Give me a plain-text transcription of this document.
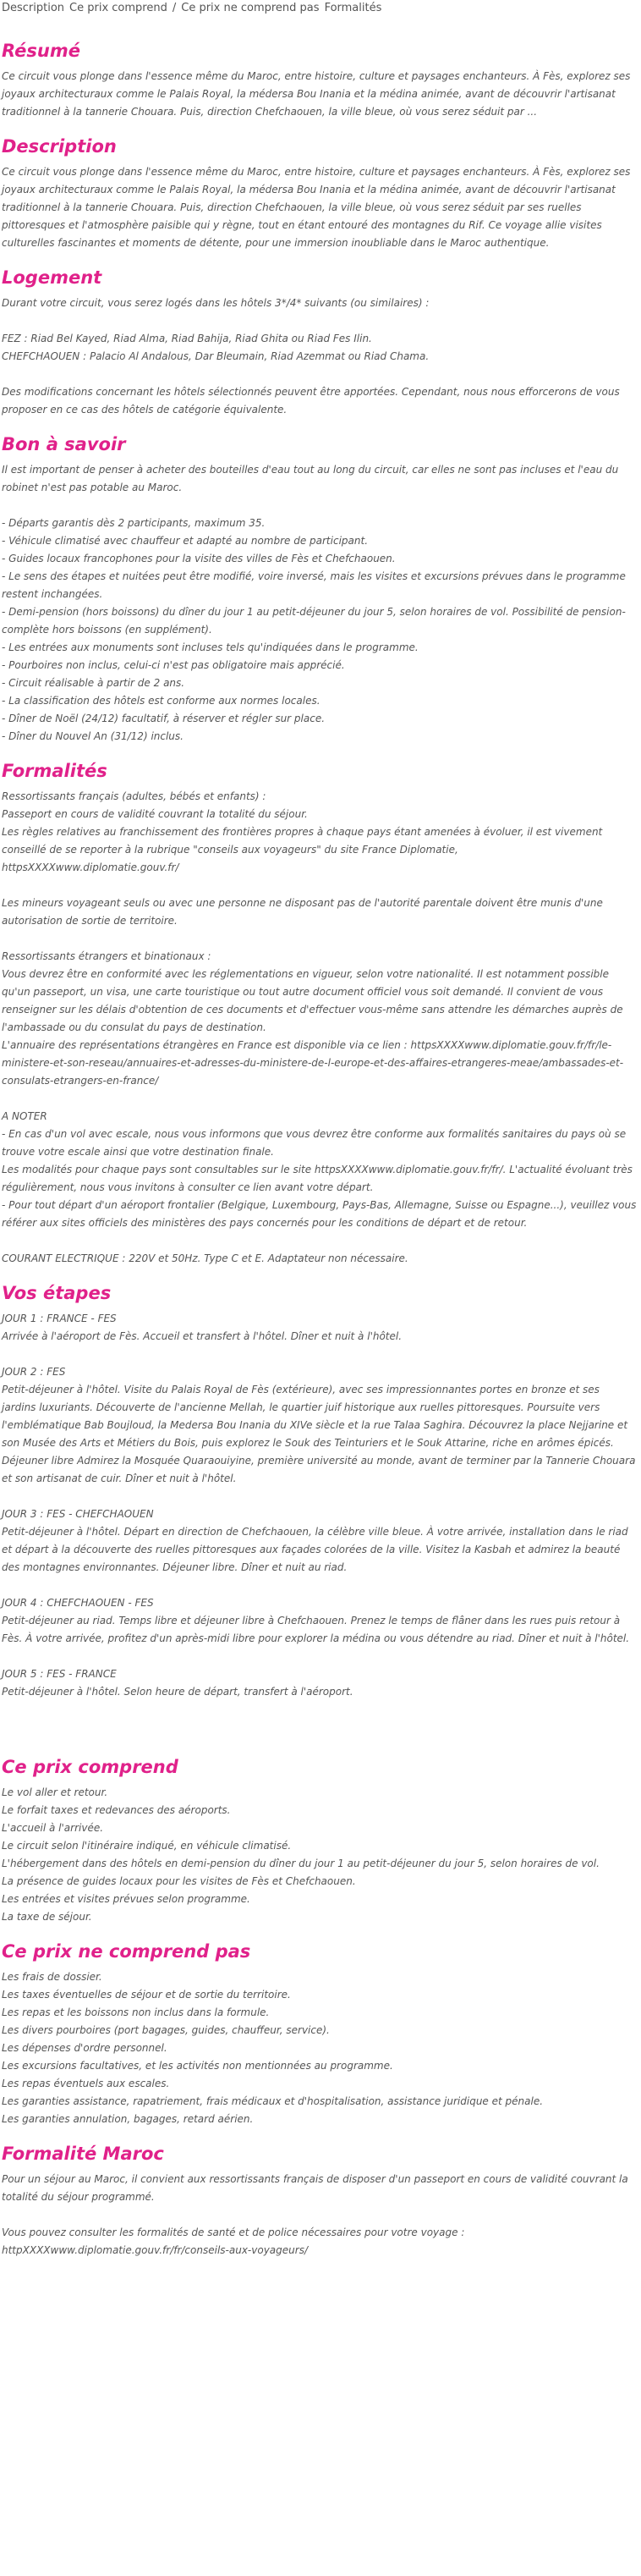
Description Ce prix comprend / Ce prix ne comprend pas Formalités
Résumé

Ce circuit vous plonge dans l'essence même du Maroc, entre histoire, culture et paysages enchanteurs. À Fès, explorez ses joyaux architecturaux comme le Palais Royal, la médersa Bou Inania et la médina animée, avant de découvrir l'artisanat traditionnel à la tannerie Chouara. Puis, direction Chefchaouen, la ville bleue, où vous serez séduit par ...

Description

Ce circuit vous plonge dans l'essence même du Maroc, entre histoire, culture et paysages enchanteurs. À Fès, explorez ses joyaux architecturaux comme le Palais Royal, la médersa Bou Inania et la médina animée, avant de découvrir l'artisanat traditionnel à la tannerie Chouara. Puis, direction Chefchaouen, la ville bleue, où vous serez séduit par ses ruelles pittoresques et l'atmosphère paisible qui y règne, tout en étant entouré des montagnes du Rif. Ce voyage allie visites culturelles fascinantes et moments de détente, pour une immersion inoubliable dans le Maroc authentique.

Logement

Durant votre circuit, vous serez logés dans les hôtels 3*/4* suivants (ou similaires) :

FEZ : Riad Bel Kayed, Riad Alma, Riad Bahija, Riad Ghita ou Riad Fes Ilin.

CHEFCHAOUEN : Palacio Al Andalous, Dar Bleumain, Riad Azemmat ou Riad Chama.

Des modifications concernant les hôtels sélectionnés peuvent être apportées. Cependant, nous nous efforcerons de vous proposer en ce cas des hôtels de catégorie équivalente.

Bon à savoir

Il est important de penser à acheter des bouteilles d'eau tout au long du circuit, car elles ne sont pas incluses et l'eau du robinet n'est pas potable au Maroc.

- Départs garantis dès 2 participants, maximum 35.

- Véhicule climatisé avec chauffeur et adapté au nombre de participant.

- Guides locaux francophones pour la visite des villes de Fès et Chefchaouen.

- Le sens des étapes et nuitées peut être modifié, voire inversé, mais les visites et excursions prévues dans le programme restent inchangées.

- Demi-pension (hors boissons) du dîner du jour 1 au petit-déjeuner du jour 5, selon horaires de vol. Possibilité de pension-complète hors boissons (en supplément).

- Les entrées aux monuments sont incluses tels qu'indiquées dans le programme.

- Pourboires non inclus, celui-ci n'est pas obligatoire mais apprécié.

- Circuit réalisable à partir de 2 ans.

- La classification des hôtels est conforme aux normes locales.

- Dîner de Noël (24/12) facultatif, à réserver et régler sur place.

- Dîner du Nouvel An (31/12) inclus.

Formalités

Ressortissants français (adultes, bébés et enfants) :

Passeport en cours de validité couvrant la totalité du séjour.

Les règles relatives au franchissement des frontières propres à chaque pays étant amenées à évoluer, il est vivement conseillé de se reporter à la rubrique "conseils aux voyageurs" du site France Diplomatie, httpsXXXXwww.diplomatie.gouv.fr/

Les mineurs voyageant seuls ou avec une personne ne disposant pas de l'autorité parentale doivent être munis d'une autorisation de sortie de territoire.

Ressortissants étrangers et binationaux :

Vous devrez être en conformité avec les réglementations en vigueur, selon votre nationalité. Il est notamment possible qu'un passeport, un visa, une carte touristique ou tout autre document officiel vous soit demandé. Il convient de vous renseigner sur les délais d'obtention de ces documents et d'effectuer vous-même sans attendre les démarches auprès de l'ambassade ou du consulat du pays de destination.

L'annuaire des représentations étrangères en France est disponible via ce lien : httpsXXXXwww.diplomatie.gouv.fr/fr/le-ministere-et-son-reseau/annuaires-et-adresses-du-ministere-de-l-europe-et-des-affaires-etrangeres-meae/ambassades-et-consulats-etrangers-en-france/

A NOTER

- En cas d'un vol avec escale, nous vous informons que vous devrez être conforme aux formalités sanitaires du pays où se trouve votre escale ainsi que votre destination finale.

Les modalités pour chaque pays sont consultables sur le site httpsXXXXwww.diplomatie.gouv.fr/fr/. L'actualité évoluant très régulièrement, nous vous invitons à consulter ce lien avant votre départ.

- Pour tout départ d'un aéroport frontalier (Belgique, Luxembourg, Pays-Bas, Allemagne, Suisse ou Espagne...), veuillez vous référer aux sites officiels des ministères des pays concernés pour les conditions de départ et de retour.

COURANT ELECTRIQUE : 220V et 50Hz. Type C et E. Adaptateur non nécessaire.

Vos étapes

JOUR 1 : FRANCE - FES

Arrivée à l'aéroport de Fès. Accueil et transfert à l'hôtel. Dîner et nuit à l'hôtel.

JOUR 2 : FES

Petit-déjeuner à l'hôtel. Visite du Palais Royal de Fès (extérieure), avec ses impressionnantes portes en bronze et ses jardins luxuriants. Découverte de l'ancienne Mellah, le quartier juif historique aux ruelles pittoresques. Poursuite vers l'emblématique Bab Boujloud, la Medersa Bou Inania du XIVe siècle et la rue Talaa Saghira. Découvrez la place Nejjarine et son Musée des Arts et Métiers du Bois, puis explorez le Souk des Teinturiers et le Souk Attarine, riche en arômes épicés. Déjeuner libre Admirez la Mosquée Quaraouiyine, première université au monde, avant de terminer par la Tannerie Chouara et son artisanat de cuir. Dîner et nuit à l'hôtel.

JOUR 3 : FES - CHEFCHAOUEN

Petit-déjeuner à l'hôtel. Départ en direction de Chefchaouen, la célèbre ville bleue. À votre arrivée, installation dans le riad et départ à la découverte des ruelles pittoresques aux façades colorées de la ville. Visitez la Kasbah et admirez la beauté des montagnes environnantes. Déjeuner libre. Dîner et nuit au riad.

JOUR 4 : CHEFCHAOUEN - FES

Petit-déjeuner au riad. Temps libre et déjeuner libre à Chefchaouen. Prenez le temps de flâner dans les rues puis retour à Fès. À votre arrivée, profitez d'un après-midi libre pour explorer la médina ou vous détendre au riad. Dîner et nuit à l'hôtel.

JOUR 5 : FES - FRANCE

Petit-déjeuner à l'hôtel. Selon heure de départ, transfert à l'aéroport.

Ce prix comprend

Le vol aller et retour.

Le forfait taxes et redevances des aéroports.

L'accueil à l'arrivée.

Le circuit selon l'itinéraire indiqué, en véhicule climatisé.

L'hébergement dans des hôtels en demi-pension du dîner du jour 1 au petit-déjeuner du jour 5, selon horaires de vol.

La présence de guides locaux pour les visites de Fès et Chefchaouen.

Les entrées et visites prévues selon programme.

La taxe de séjour.

Ce prix ne comprend pas

Les frais de dossier.

Les taxes éventuelles de séjour et de sortie du territoire.

Les repas et les boissons non inclus dans la formule.

Les divers pourboires (port bagages, guides, chauffeur, service).

Les dépenses d'ordre personnel.

Les excursions facultatives, et les activités non mentionnées au programme.

Les repas éventuels aux escales.

Les garanties assistance, rapatriement, frais médicaux et d'hospitalisation, assistance juridique et pénale.

Les garanties annulation, bagages, retard aérien.

Formalité Maroc

Pour un séjour au Maroc, il convient aux ressortissants français de disposer d'un passeport en cours de validité couvrant la totalité du séjour programmé.

Vous pouvez consulter les formalités de santé et de police nécessaires pour votre voyage : httpXXXXwww.diplomatie.gouv.fr/fr/conseils-aux-voyageurs/
